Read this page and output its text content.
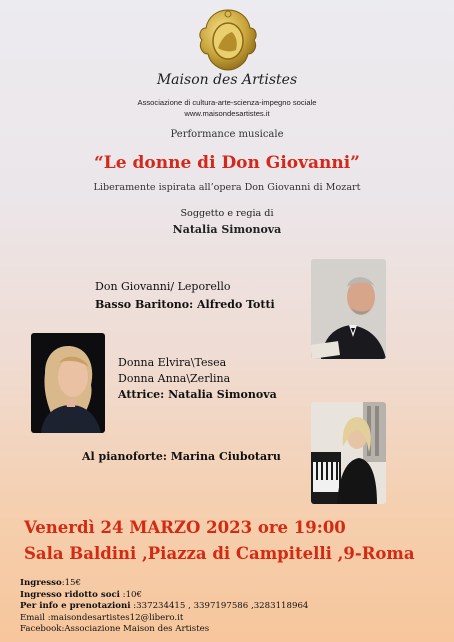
Maison des Artistes
Associazione di cultura-arte-scienza-impegno sociale
www.maisondesartistes.it
Performance musicale
“Le donne di Don Giovanni”
Liberamente ispirata all’opera Don Giovanni di Mozart
Soggetto e regia di
Natalia Simonova
Don Giovanni/ Leporello
Basso Baritono: Alfredo Totti
Donna Elvira\Tesea
Donna Anna\Zerlina
Attrice: Natalia Simonova
Al pianoforte: Marina Ciubotaru
Venerdì 24 MARZO 2023 ore 19:00
Sala Baldini ,Piazza di Campitelli ,9-Roma
Ingresso:15€
Ingresso ridotto soci :10€
Per info e prenotazioni :337234415 , 3397197586 ,3283118964
Email :maisondesartistes12@libero.it
Facebook:Associazione Maison des Artistes
